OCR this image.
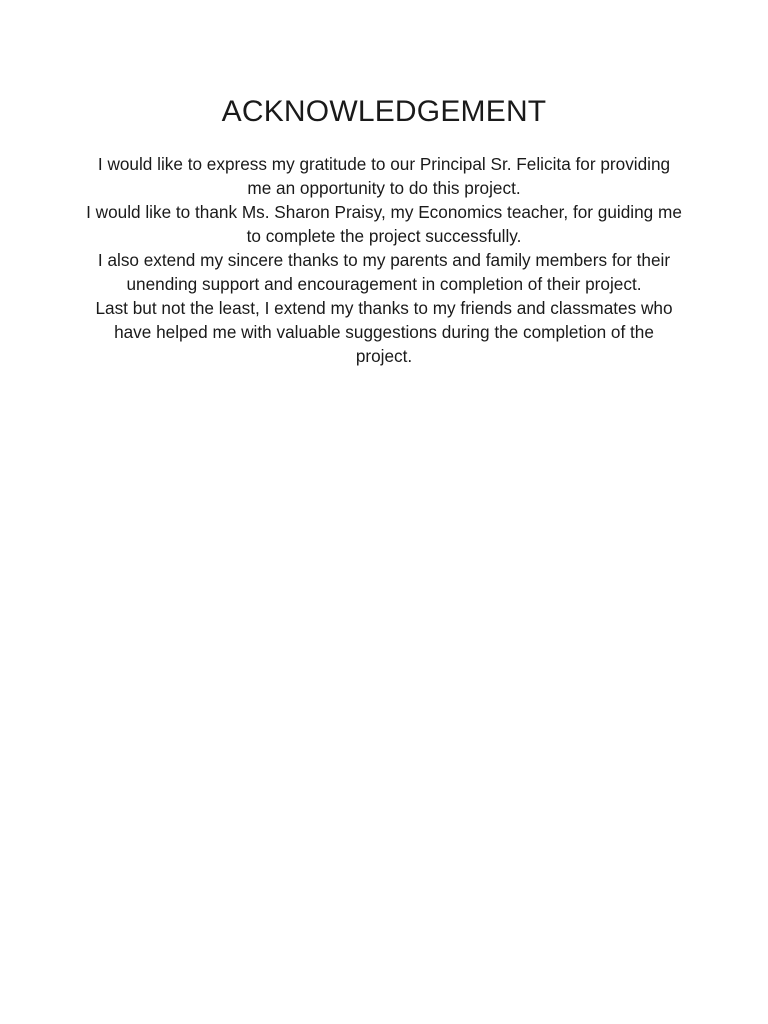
ACKNOWLEDGEMENT

I would like to express my gratitude to our Principal Sr. Felicita for providing me an opportunity to do this project.

I would like to thank Ms. Sharon Praisy, my Economics teacher, for guiding me to complete the project successfully.

I also extend my sincere thanks to my parents and family members for their unending support and encouragement in completion of their project.

Last but not the least, I extend my thanks to my friends and classmates who have helped me with valuable suggestions during the completion of the project.
